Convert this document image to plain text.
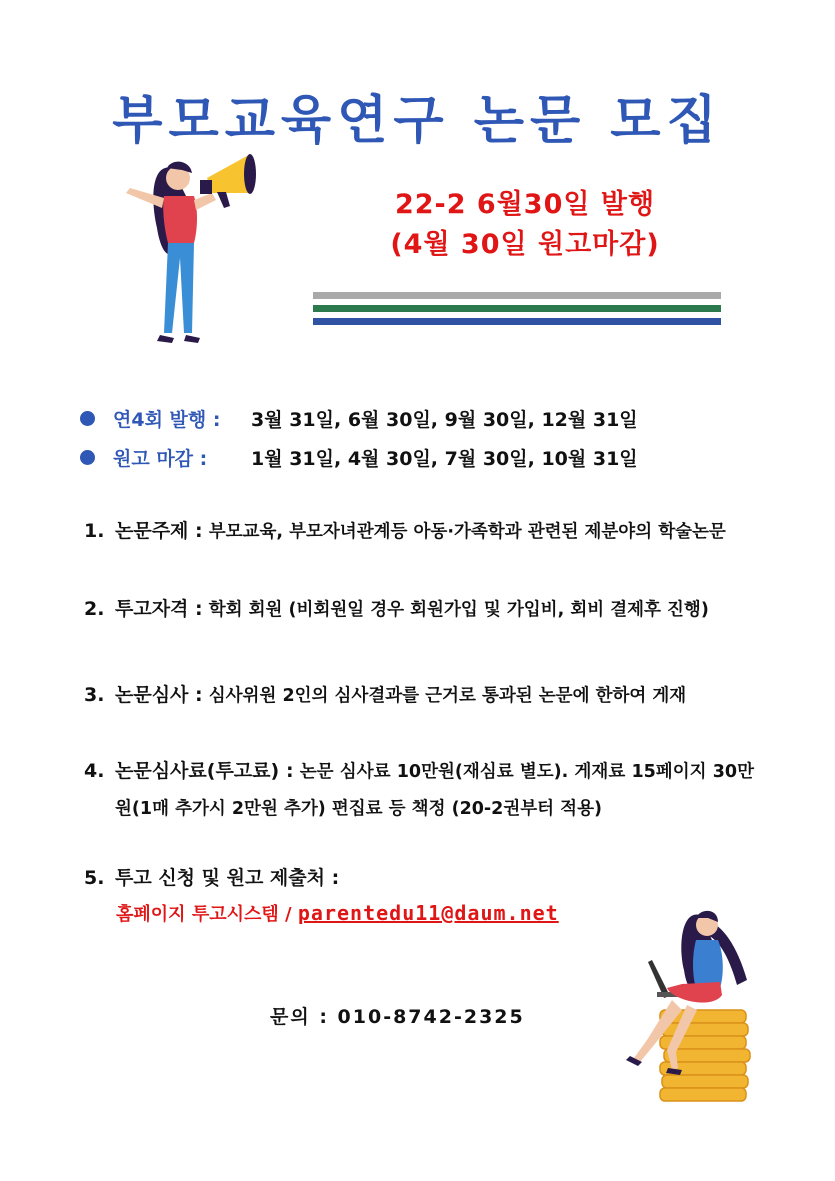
부모교육연구 논문 모집
22-2 6월30일 발행
(4월 30일 원고마감)
연4회 발행 :	3월 31일, 6월 30일, 9월 30일, 12월 31일
원고 마감 :	1월 31일, 4월 30일, 7월 30일, 10월 31일
1. 논문주제 : 부모교육, 부모자녀관계등 아동·가족학과 관련된 제분야의 학술논문
2. 투고자격 : 학회 회원 (비회원일 경우 회원가입 및 가입비, 회비 결제후 진행)
3. 논문심사 : 심사위원 2인의 심사결과를 근거로 통과된 논문에 한하여 게재
4. 논문심사료(투고료) : 논문 심사료 10만원(재심료 별도). 게재료 15페이지 30만원(1매 추가시 2만원 추가) 편집료 등 책정 (20-2권부터 적용)
5. 투고 신청 및 원고 제출처 :
홈페이지 투고시스템 / parentedu11@daum.net
문의 : 010-8742-2325
